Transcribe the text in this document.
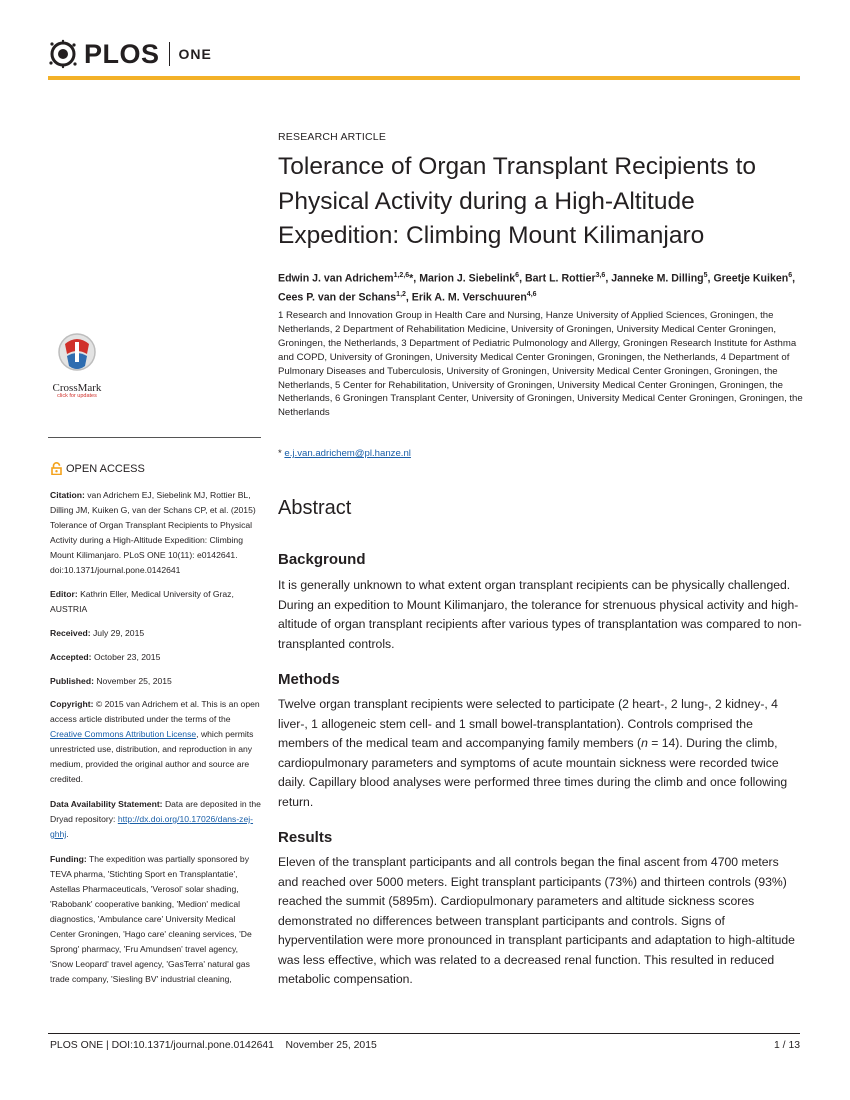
PLOS ONE
CrossMark
click for updates
OPEN ACCESS
Citation: van Adrichem EJ, Siebelink MJ, Rottier BL, Dilling JM, Kuiken G, van der Schans CP, et al. (2015) Tolerance of Organ Transplant Recipients to Physical Activity during a High-Altitude Expedition: Climbing Mount Kilimanjaro. PLoS ONE 10(11): e0142641. doi:10.1371/journal.pone.0142641
Editor: Kathrin Eller, Medical University of Graz, AUSTRIA
Received: July 29, 2015
Accepted: October 23, 2015
Published: November 25, 2015
Copyright: © 2015 van Adrichem et al. This is an open access article distributed under the terms of the Creative Commons Attribution License, which permits unrestricted use, distribution, and reproduction in any medium, provided the original author and source are credited.
Data Availability Statement: Data are deposited in the Dryad repository: http://dx.doi.org/10.17026/dans-zej-ghhj.
Funding: The expedition was partially sponsored by TEVA pharma, 'Stichting Sport en Transplantatie', Astellas Pharmaceuticals, 'Verosol' solar shading, 'Rabobank' cooperative banking, 'Medion' medical diagnostics, 'Ambulance care' University Medical Center Groningen, 'Hago care' cleaning services, 'De Sprong' pharmacy, 'Fru Amundsen' travel agency, 'Snow Leopard' travel agency, 'GasTerra' natural gas trade company, 'Siesling BV' industrial cleaning,
RESEARCH ARTICLE
Tolerance of Organ Transplant Recipients to Physical Activity during a High-Altitude Expedition: Climbing Mount Kilimanjaro
Edwin J. van Adrichem$^{1,2,6}$*, Marion J. Siebelink$^6$, Bart L. Rottier$^{3,6}$, Janneke M. Dilling$^5$, Greetje Kuiken$^6$, Cees P. van der Schans$^{1,2}$, Erik A. M. Verschuuren$^{4,6}$
1 Research and Innovation Group in Health Care and Nursing, Hanze University of Applied Sciences, Groningen, the Netherlands, 2 Department of Rehabilitation Medicine, University of Groningen, University Medical Center Groningen, Groningen, the Netherlands, 3 Department of Pediatric Pulmonology and Allergy, Groningen Research Institute for Asthma and COPD, University of Groningen, University Medical Center Groningen, Groningen, the Netherlands, 4 Department of Pulmonary Diseases and Tuberculosis, University of Groningen, University Medical Center Groningen, Groningen, the Netherlands, 5 Center for Rehabilitation, University of Groningen, University Medical Center Groningen, Groningen, the Netherlands, 6 Groningen Transplant Center, University of Groningen, University Medical Center Groningen, Groningen, the Netherlands
* e.j.van.adrichem@pl.hanze.nl
Abstract
Background
It is generally unknown to what extent organ transplant recipients can be physically challenged. During an expedition to Mount Kilimanjaro, the tolerance for strenuous physical activity and high-altitude of organ transplant recipients after various types of transplantation was compared to non-transplanted controls.
Methods
Twelve organ transplant recipients were selected to participate (2 heart-, 2 lung-, 2 kidney-, 4 liver-, 1 allogeneic stem cell- and 1 small bowel-transplantation). Controls comprised the members of the medical team and accompanying family members (n = 14). During the climb, cardiopulmonary parameters and symptoms of acute mountain sickness were recorded twice daily. Capillary blood analyses were performed three times during the climb and once following return.
Results
Eleven of the transplant participants and all controls began the final ascent from 4700 meters and reached over 5000 meters. Eight transplant participants (73%) and thirteen controls (93%) reached the summit (5895m). Cardiopulmonary parameters and altitude sickness scores demonstrated no differences between transplant participants and controls. Signs of hyperventilation were more pronounced in transplant participants and adaptation to high-altitude was less effective, which was related to a decreased renal function. This resulted in reduced metabolic compensation.
PLOS ONE | DOI:10.1371/journal.pone.0142641    November 25, 2015	1 / 13
